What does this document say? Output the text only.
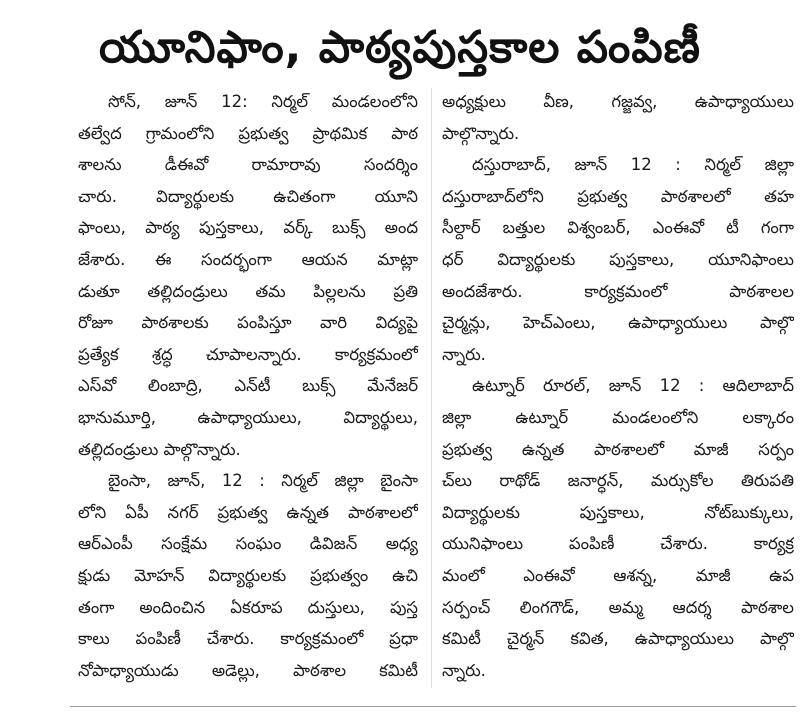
యూనిఫాం, పాఠ్యపుస్తకాల పంపిణీ
సోన్‌, జూన్‌ 12: నిర్మల్‌ మండలంలోని
తల్వేద గ్రామంలోని ప్రభుత్వ ప్రాథమిక పాఠ
శాలను డీఈవో రామారావు సందర్శిం
చారు. విద్యార్థులకు ఉచితంగా యూని
ఫాంలు, పాఠ్య పుస్తకాలు, వర్క్‌ బుక్స్‌ అంద
జేశారు. ఈ సందర్భంగా ఆయన మాట్లా
డుతూ తల్లిదండ్రులు తమ పిల్లలను ప్రతి
రోజూ పాఠశాలకు పంపిస్తూ వారి విద్యపై
ప్రత్యేక శ్రద్ధ చూపాలన్నారు. కార్యక్రమంలో
ఎస్‌వో లింబాద్రి, ఎన్‌టీ బుక్స్‌ మేనేజర్‌
భానుమూర్తి, ఉపాధ్యాయులు, విద్యార్థులు,
తల్లిదండ్రులు పాల్గొన్నారు.
బైంసా, జూన్‌, 12 : నిర్మల్‌ జిల్లా బైంసా
లోని ఏపీ నగర్‌ ప్రభుత్వ ఉన్నత పాఠశాలలో
ఆర్‌ఎంపీ సంక్షేమ సంఘం డివిజన్‌ అధ్య
క్షుడు మోహన్‌ విద్యార్థులకు ప్రభుత్వం ఉచి
తంగా అందించిన ఏకరూప దుస్తులు, పుస్త
కాలు పంపిణీ చేశారు. కార్యక్రమంలో ప్రధా
నోపాధ్యాయుడు అడెల్లు, పాఠశాల కమిటీ
అధ్యక్షులు వీణ, గజ్జవ్వ, ఉపాధ్యాయులు
పాల్గొన్నారు.
దస్తురాబాద్‌, జూన్‌ 12 : నిర్మల్‌ జిల్లా
దస్తురాబాద్‌లోని ప్రభుత్వ పాఠశాలలో తహ
సీల్దార్‌ బత్తుల విశ్వంబర్‌, ఎంఈవో టీ గంగా
ధర్‌ విద్యార్థులకు పుస్తకాలు, యూనిఫాంలు
అందజేశారు. కార్యక్రమంలో పాఠశాలల
చైర్మన్లు, హెచ్‌ఎంలు, ఉపాధ్యాయులు పాల్గొ
న్నారు.
ఉట్నూర్‌ రూరల్‌, జూన్‌ 12 : ఆదిలాబాద్‌
జిల్లా ఉట్నూర్‌ మండలంలోని లక్కారం
ప్రభుత్వ ఉన్నత పాఠశాలలో మాజీ సర్పం
చ్‌లు రాథోడ్‌ జనార్ధన్‌, మర్సుకోల తిరుపతి
విద్యార్థులకు పుస్తకాలు, నోట్‌బుక్కులు,
యునిఫాంలు పంపిణీ చేశారు. కార్యక్ర
మంలో ఎంఈవో ఆశన్న, మాజీ ఉప
సర్పంచ్‌ లింగగౌడ్‌, అమ్మ ఆదర్శ పాఠశాల
కమిటీ చైర్మన్‌ కవిత, ఉపాధ్యాయులు పాల్గొ
న్నారు.
